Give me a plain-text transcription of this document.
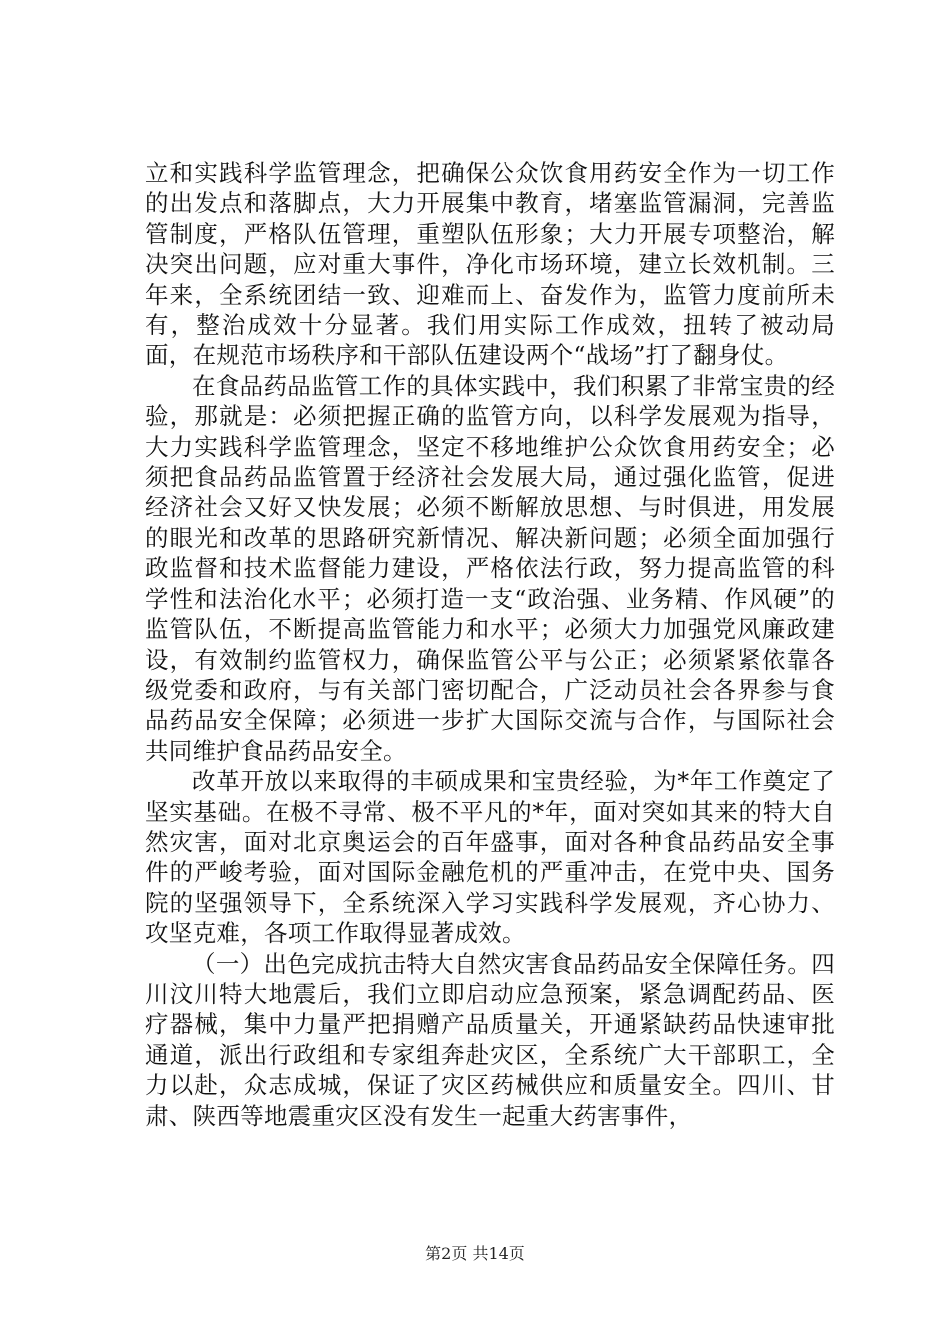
立和实践科学监管理念，把确保公众饮食用药安全作为一切工作的出发点和落脚点，大力开展集中教育，堵塞监管漏洞，完善监管制度，严格队伍管理，重塑队伍形象；大力开展专项整治，解决突出问题，应对重大事件，净化市场环境，建立长效机制。三年来，全系统团结一致、迎难而上、奋发作为，监管力度前所未有，整治成效十分显著。我们用实际工作成效，扭转了被动局面，在规范市场秩序和干部队伍建设两个“战场”打了翻身仗。

在食品药品监管工作的具体实践中，我们积累了非常宝贵的经验，那就是：必须把握正确的监管方向，以科学发展观为指导，大力实践科学监管理念，坚定不移地维护公众饮食用药安全；必须把食品药品监管置于经济社会发展大局，通过强化监管，促进经济社会又好又快发展；必须不断解放思想、与时俱进，用发展的眼光和改革的思路研究新情况、解决新问题；必须全面加强行政监督和技术监督能力建设，严格依法行政，努力提高监管的科学性和法治化水平；必须打造一支“政治强、业务精、作风硬”的监管队伍，不断提高监管能力和水平；必须大力加强党风廉政建设，有效制约监管权力，确保监管公平与公正；必须紧紧依靠各级党委和政府，与有关部门密切配合，广泛动员社会各界参与食品药品安全保障；必须进一步扩大国际交流与合作，与国际社会共同维护食品药品安全。

改革开放以来取得的丰硕成果和宝贵经验，为*年工作奠定了坚实基础。在极不寻常、极不平凡的*年，面对突如其来的特大自然灾害，面对北京奥运会的百年盛事，面对各种食品药品安全事件的严峻考验，面对国际金融危机的严重冲击，在党中央、国务院的坚强领导下，全系统深入学习实践科学发展观，齐心协力、攻坚克难，各项工作取得显著成效。

（一）出色完成抗击特大自然灾害食品药品安全保障任务。四川汶川特大地震后，我们立即启动应急预案，紧急调配药品、医疗器械，集中力量严把捐赠产品质量关，开通紧缺药品快速审批通道，派出行政组和专家组奔赴灾区，全系统广大干部职工，全力以赴，众志成城，保证了灾区药械供应和质量安全。四川、甘肃、陕西等地震重灾区没有发生一起重大药害事件，

第2页 共14页
